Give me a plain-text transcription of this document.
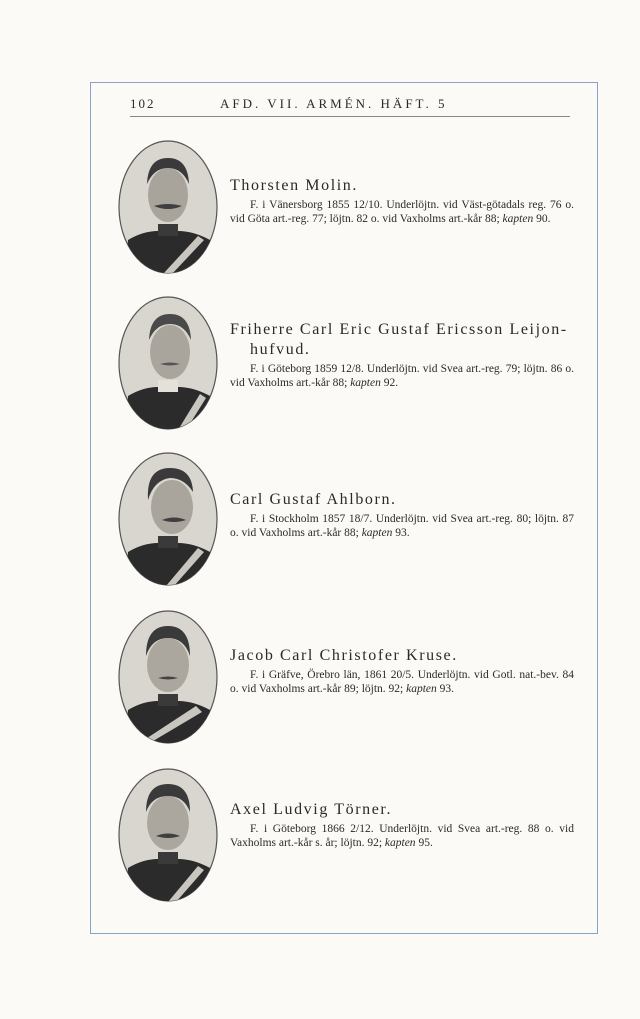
102	AFD. VII. ARMÉN. HÄFT. 5
Thorsten Molin.
F. i Vänersborg 1855 12/10. Underlöjtn. vid Väst-götadals reg. 76 o. vid Göta art.-reg. 77; löjtn. 82 o. vid Vaxholms art.-kår 88; kapten 90.
Friherre Carl Eric Gustaf Ericsson Leijon-
hufvud.
F. i Göteborg 1859 12/8. Underlöjtn. vid Svea art.-reg. 79; löjtn. 86 o. vid Vaxholms art.-kår 88; kapten 92.
Carl Gustaf Ahlborn.
F. i Stockholm 1857 18/7. Underlöjtn. vid Svea art.-reg. 80; löjtn. 87 o. vid Vaxholms art.-kår 88; kapten 93.
Jacob Carl Christofer Kruse.
F. i Gräfve, Örebro län, 1861 20/5. Underlöjtn. vid Gotl. nat.-bev. 84 o. vid Vaxholms art.-kår 89; löjtn. 92; kapten 93.
Axel Ludvig Törner.
F. i Göteborg 1866 2/12. Underlöjtn. vid Svea art.-reg. 88 o. vid Vaxholms art.-kår s. år; löjtn. 92; kapten 95.
